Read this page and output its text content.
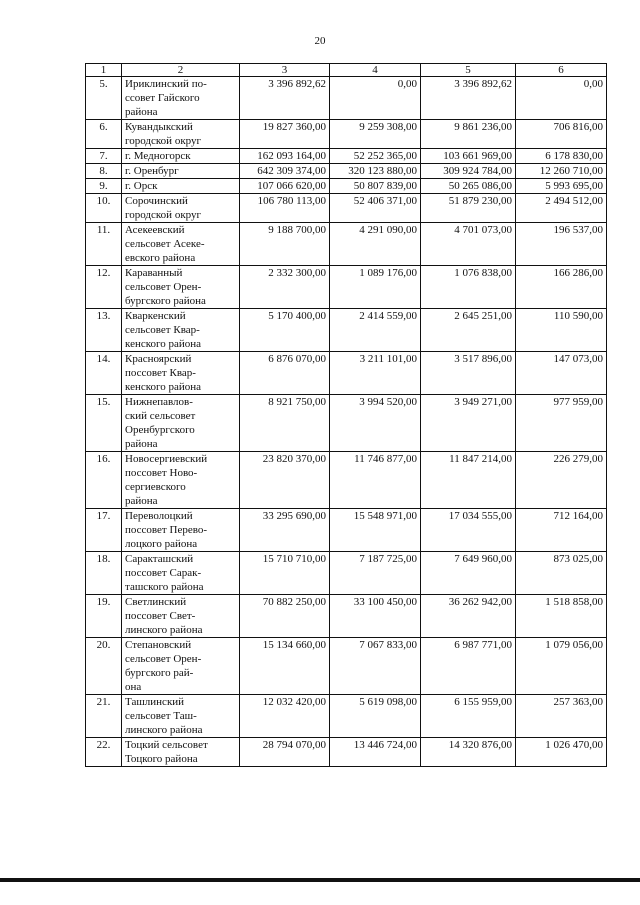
20
1	2	3	4	5	6
5.	Ириклинский по-
ссовет Гайского
района	3 396 892,62	0,00	3 396 892,62	0,00
6.	Кувандыкский
городской округ	19 827 360,00	9 259 308,00	9 861 236,00	706 816,00
7.	г. Медногорск	162 093 164,00	52 252 365,00	103 661 969,00	6 178 830,00
8.	г. Оренбург	642 309 374,00	320 123 880,00	309 924 784,00	12 260 710,00
9.	г. Орск	107 066 620,00	50 807 839,00	50 265 086,00	5 993 695,00
10.	Сорочинский
городской округ	106 780 113,00	52 406 371,00	51 879 230,00	2 494 512,00
11.	Асекеевский
сельсовет Асеке-
евского района	9 188 700,00	4 291 090,00	4 701 073,00	196 537,00
12.	Караванный
сельсовет Орен-
бургского района	2 332 300,00	1 089 176,00	1 076 838,00	166 286,00
13.	Кваркенский
сельсовет Квар-
кенского района	5 170 400,00	2 414 559,00	2 645 251,00	110 590,00
14.	Красноярский
поссовет Квар-
кенского района	6 876 070,00	3 211 101,00	3 517 896,00	147 073,00
15.	Нижнепавлов-
ский сельсовет
Оренбургского
района	8 921 750,00	3 994 520,00	3 949 271,00	977 959,00
16.	Новосергиевский
поссовет Ново-
сергиевского
района	23 820 370,00	11 746 877,00	11 847 214,00	226 279,00
17.	Переволоцкий
поссовет Перево-
лоцкого района	33 295 690,00	15 548 971,00	17 034 555,00	712 164,00
18.	Саракташский
поссовет Сарак-
ташского района	15 710 710,00	7 187 725,00	7 649 960,00	873 025,00
19.	Светлинский
поссовет Свет-
линского района	70 882 250,00	33 100 450,00	36 262 942,00	1 518 858,00
20.	Степановский
сельсовет Орен-
бургского рай-
она	15 134 660,00	7 067 833,00	6 987 771,00	1 079 056,00
21.	Ташлинский
сельсовет Таш-
линского района	12 032 420,00	5 619 098,00	6 155 959,00	257 363,00
22.	Тоцкий сельсовет
Тоцкого района	28 794 070,00	13 446 724,00	14 320 876,00	1 026 470,00
